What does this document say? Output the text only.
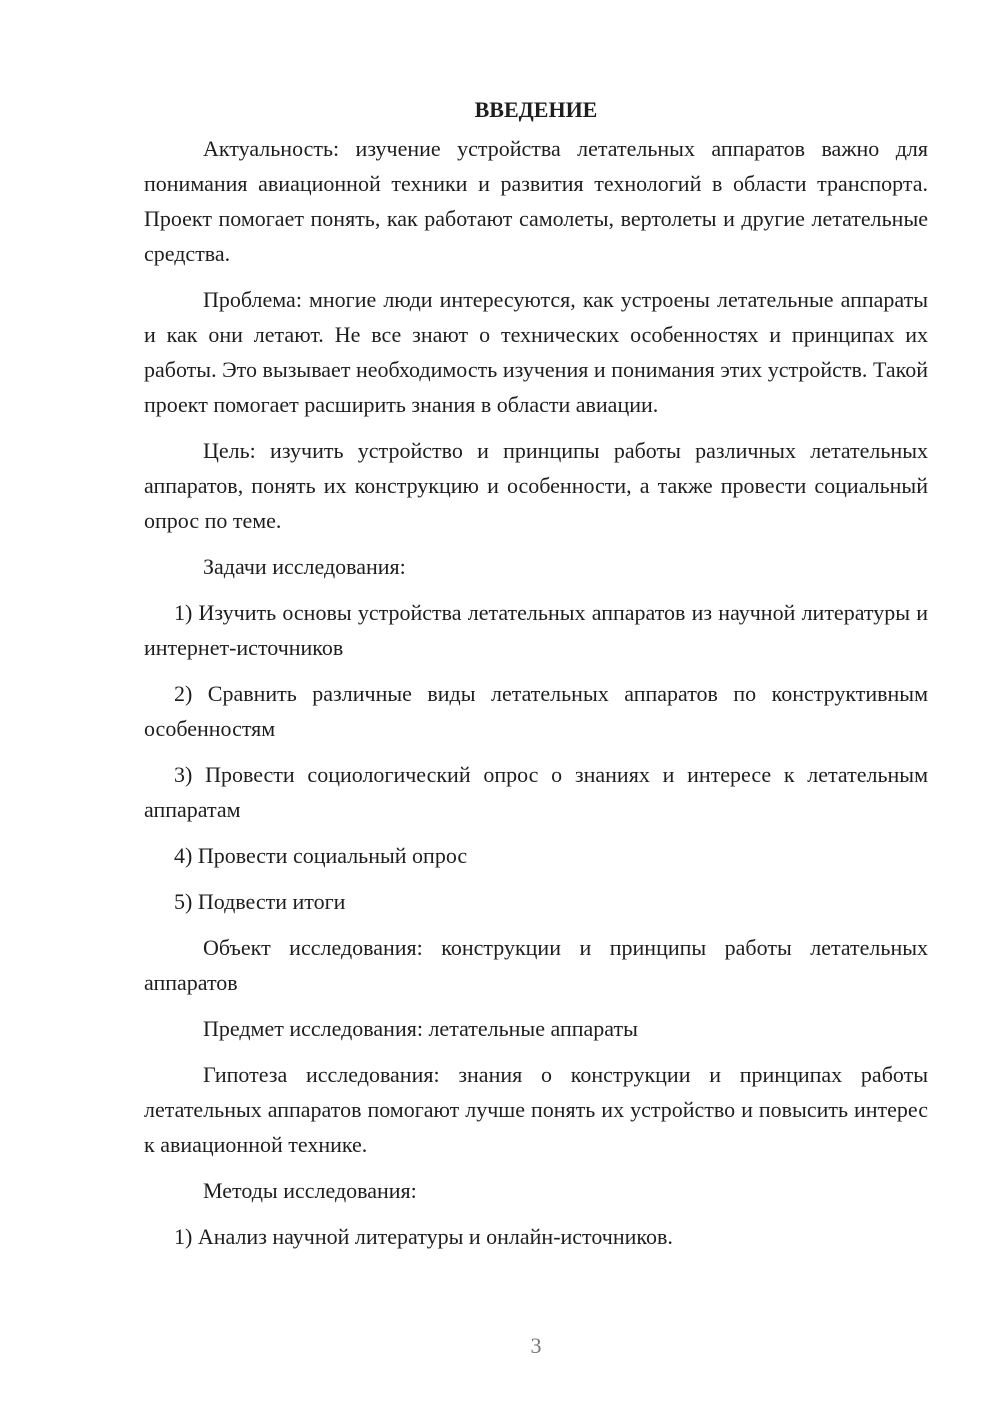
ВВЕДЕНИЕ

Актуальность: изучение устройства летательных аппаратов важно для понимания авиационной техники и развития технологий в области транспорта. Проект помогает понять, как работают самолеты, вертолеты и другие летательные средства.

Проблема: многие люди интересуются, как устроены летательные аппараты и как они летают. Не все знают о технических особенностях и принципах их работы. Это вызывает необходимость изучения и понимания этих устройств. Такой проект помогает расширить знания в области авиации.

Цель: изучить устройство и принципы работы различных летательных аппаратов, понять их конструкцию и особенности, а также провести социальный опрос по теме.

Задачи исследования:

1) Изучить основы устройства летательных аппаратов из научной литературы и интернет-источников

2) Сравнить различные виды летательных аппаратов по конструктивным особенностям

3) Провести социологический опрос о знаниях и интересе к летательным аппаратам

4) Провести социальный опрос

5) Подвести итоги

Объект исследования: конструкции и принципы работы летательных аппаратов

Предмет исследования: летательные аппараты

Гипотеза исследования: знания о конструкции и принципах работы летательных аппаратов помогают лучше понять их устройство и повысить интерес к авиационной технике.

Методы исследования:

1) Анализ научной литературы и онлайн-источников.

3
